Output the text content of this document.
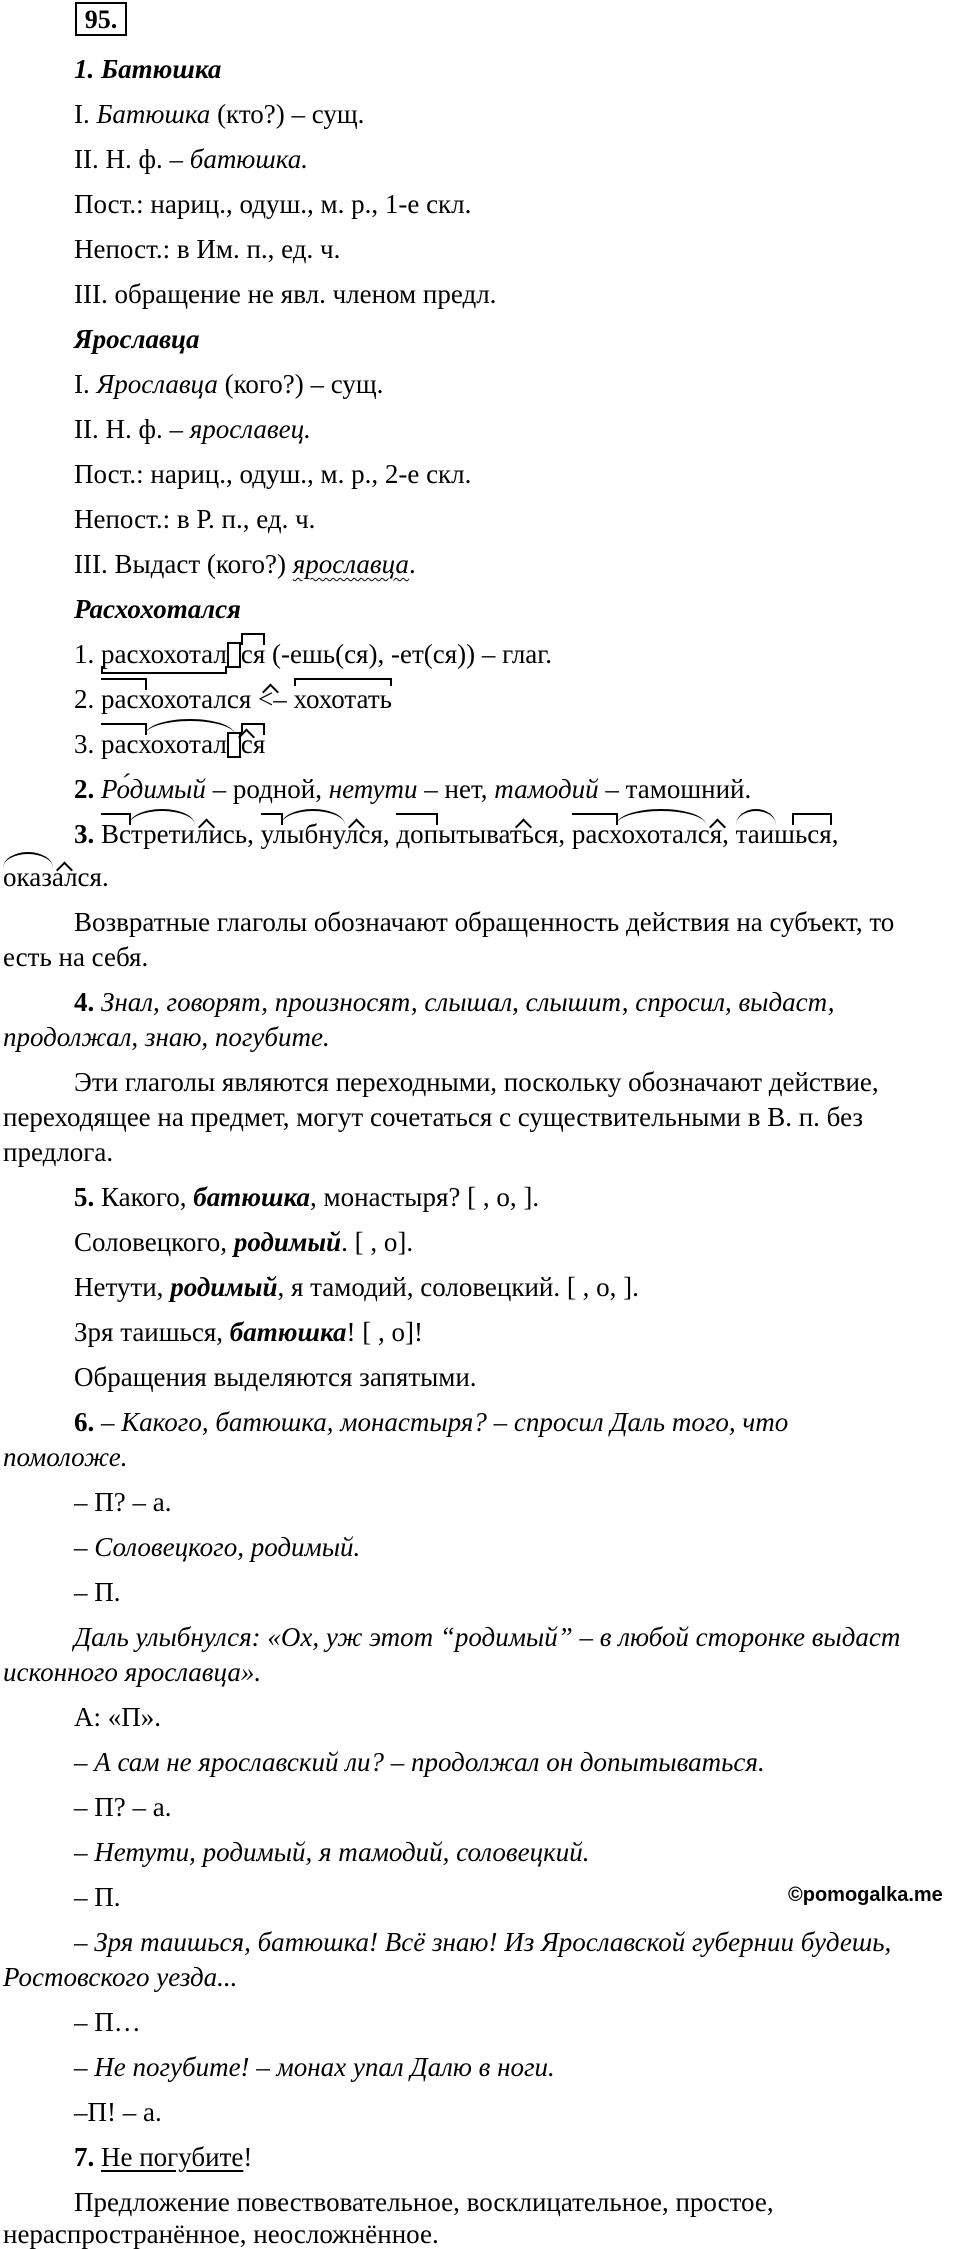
95.
1. Батюшка
I. Батюшка (кто?) – сущ.
II. Н. ф. – батюшка.
Пост.: нариц., одуш., м. р., 1-е скл.
Непост.: в Им. п., ед. ч.
III. обращение не явл. членом предл.
Ярославца
I. Ярославца (кого?) – сущ.
II. Н. ф. – ярославец.
Пост.: нариц., одуш., м. р., 2-е скл.
Непост.: в Р. п., ед. ч.
III. Выдаст (кого?) ярославца.
Расхохотался
1.
расхохотал ся (-ешь(ся), -ет(ся)) – глаг.
2.
расхохотался <–
хохотать
3.
расхохотал ся
2. Ро́димый – родной, нетути – нет, тамодий – тамошний.
3. Встретились,
улыбнулся,
допытываться,
расхохотался,
таишься,
оказался.
Возвратные глаголы обозначают обращенность действия на субъект, то
есть на себя.
4. Знал, говорят, произносят, слышал, слышит, спросил, выдаст,
продолжал, знаю, погубите.
Эти глаголы являются переходными, поскольку обозначают действие,
переходящее на предмет, могут сочетаться с существительными в В. п. без
предлога.
5. Какого, батюшка, монастыря? [ , о, ].
Соловецкого, родимый. [ , о].
Нетути, родимый, я тамодий, соловецкий. [ , о, ].
Зря таишься, батюшка! [ , о]!
Обращения выделяются запятыми.
6. – Какого, батюшка, монастыря? – спросил Даль того, что
помоложе.
– П? – а.
– Соловецкого, родимый.
– П.
Даль улыбнулся: «Ох, уж этот “родимый” – в любой сторонке выдаст
исконного ярославца».
А: «П».
– А сам не ярославский ли? – продолжал он допытываться.
– П? – а.
– Нетути, родимый, я тамодий, соловецкий.
– П.	©pomogalka.me
– Зря таишься, батюшка! Всё знаю! Из Ярославской губернии будешь,
Ростовского уезда...
– П…
– Не погубите! – монах упал Далю в ноги.
–П! – а.
7. Не погубите!
Предложение повествовательное, восклицательное, простое,
нераспространённое, неосложнённое.
